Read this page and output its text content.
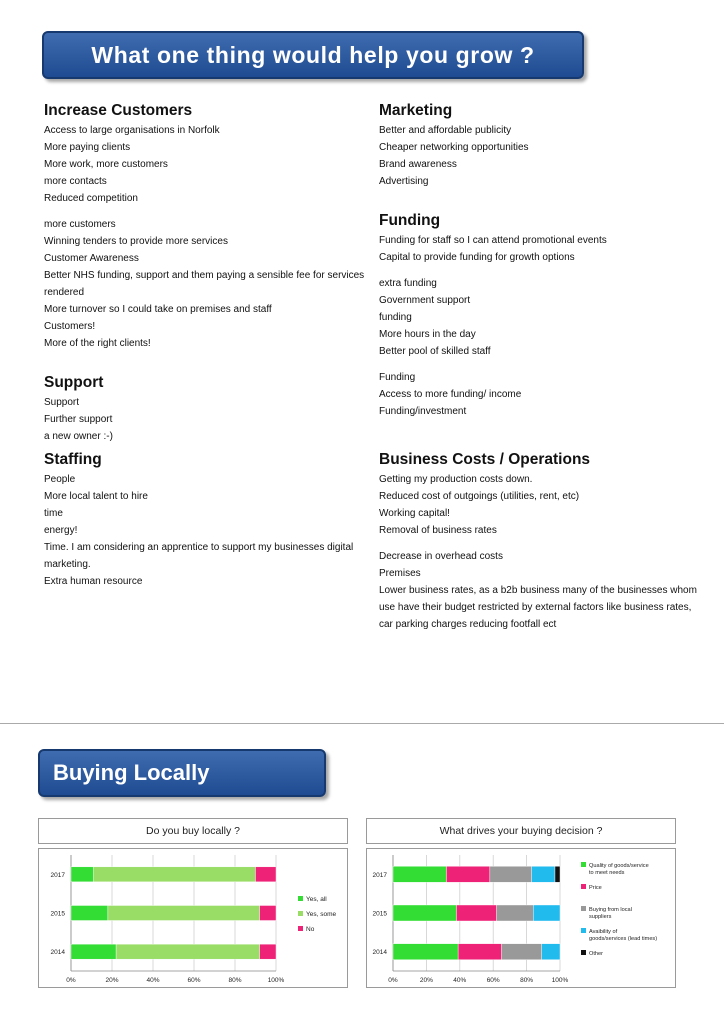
What one thing would help you grow ?
Increase Customers
Access to large organisations in Norfolk
More paying clients
More work, more customers
more contacts
Reduced competition
more customers
Winning tenders to provide more services
Customer Awareness
Better NHS funding, support and them paying a sensible fee for services
rendered
More turnover so I could take on premises and staff
Customers!
More of the right clients!
Support
Support
Further support
a new owner :-)
Staffing
People
More local talent to hire
time
energy!
Time. I am considering an apprentice to support my businesses digital
marketing.
Extra human resource
Marketing
Better and affordable publicity
Cheaper networking opportunities
Brand awareness
Advertising
Funding
Funding for staff so I can attend promotional events
Capital to provide funding for growth options
extra funding
Government support
funding
More hours in the day
Better pool of skilled staff
Funding
Access to more funding/ income
Funding/investment
Business Costs / Operations
Getting my production costs down.
Reduced cost of outgoings (utilities, rent, etc)
Working capital!
Removal of business rates
Decrease in overhead costs
Premises
Lower business rates, as a b2b business many of the businesses whom
use have their budget restricted by external factors like business rates,
car parking charges reducing footfall ect
Buying Locally
Do you buy locally ?
0%	20%	40%	60%	80%	100%
2017
2015
2014
Yes, all
Yes, some
No
What drives your buying decision ?
0%	20%	40%	60%	80%	100%
2017
2015
2014
Quality of goods/service to meet needs
Price
Buying from local suppliers
Avaibility of goods/services (lead times)
Other
